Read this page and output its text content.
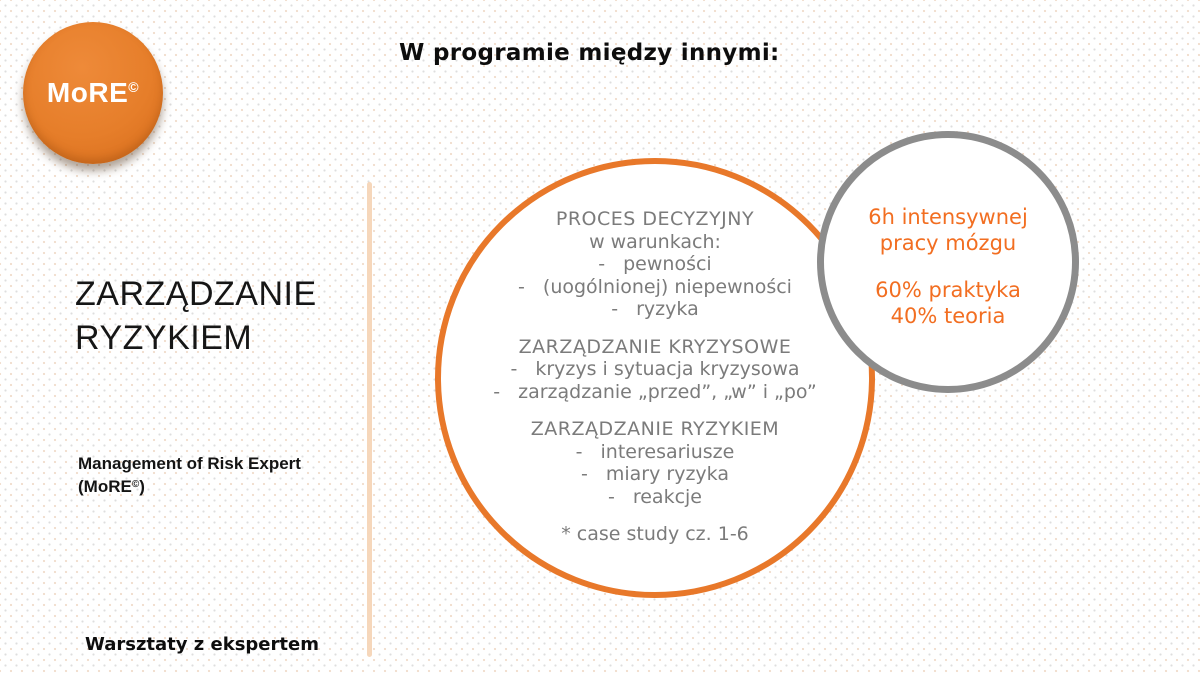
MoRE©
W programie między innymi:
ZARZĄDZANIE
RYZYKIEM
Management of Risk Expert
(MoRE©)
Warsztaty z ekspertem
PROCES DECYZYJNY
w warunkach:
- pewności
- (uogólnionej) niepewności
- ryzyka
ZARZĄDZANIE KRYZYSOWE
- kryzys i sytuacja kryzysowa
- zarządzanie „przed”, „w” i „po”
ZARZĄDZANIE RYZYKIEM
- interesariusze
- miary ryzyka
- reakcje
* case study cz. 1-6
6h intensywnej
pracy mózgu
60% praktyka
40% teoria
